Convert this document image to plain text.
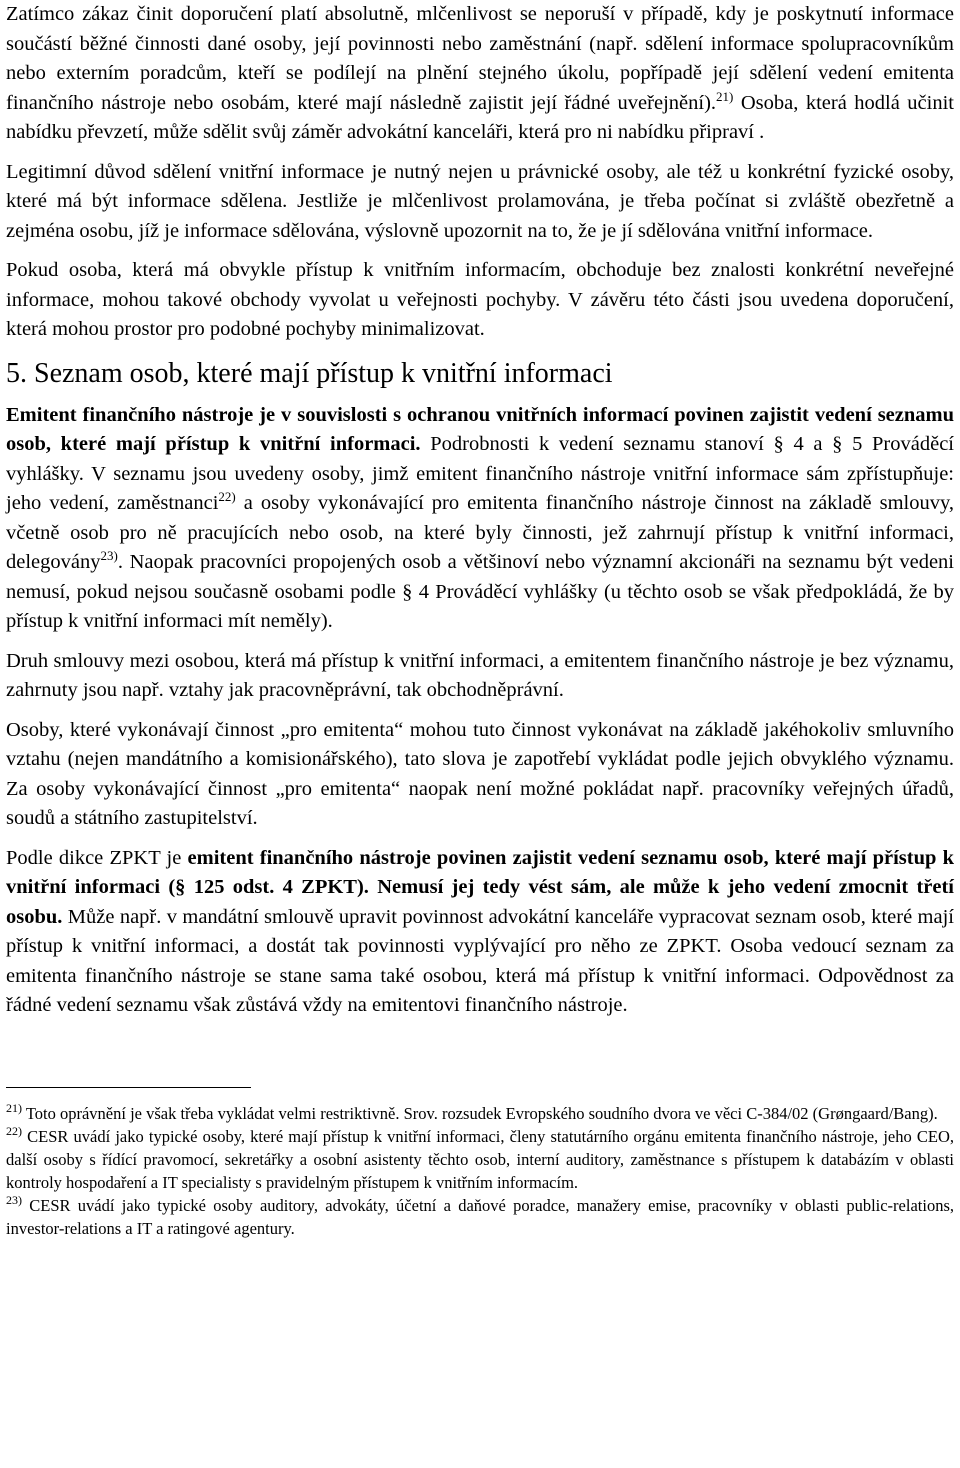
Zatímco zákaz činit doporučení platí absolutně, mlčenlivost se neporuší v případě, kdy je poskytnutí informace součástí běžné činnosti dané osoby, její povinnosti nebo zaměstnání (např. sdělení informace spolupracovníkům nebo externím poradcům, kteří se podílejí na plnění stejného úkolu, popřípadě její sdělení vedení emitenta finančního nástroje nebo osobám, které mají následně zajistit její řádné uveřejnění).$^{21)}$ Osoba, která hodlá učinit nabídku převzetí, může sdělit svůj záměr advokátní kanceláři, která pro ni nabídku připraví .

Legitimní důvod sdělení vnitřní informace je nutný nejen u právnické osoby, ale též u konkrétní fyzické osoby, které má být informace sdělena. Jestliže je mlčenlivost prolamována, je třeba počínat si zvláště obezřetně a zejména osobu, jíž je informace sdělována, výslovně upozornit na to, že je jí sdělována vnitřní informace.

Pokud osoba, která má obvykle přístup k vnitřním informacím, obchoduje bez znalosti konkrétní neveřejné informace, mohou takové obchody vyvolat u veřejnosti pochyby. V závěru této části jsou uvedena doporučení, která mohou prostor pro podobné pochyby minimalizovat.

5. Seznam osob, které mají přístup k vnitřní informaci

Emitent finančního nástroje je v souvislosti s ochranou vnitřních informací povinen zajistit vedení seznamu osob, které mají přístup k vnitřní informaci. Podrobnosti k vedení seznamu stanoví § 4 a § 5 Prováděcí vyhlášky. V seznamu jsou uvedeny osoby, jimž emitent finančního nástroje vnitřní informace sám zpřístupňuje: jeho vedení, zaměstnanci$^{22)}$ a osoby vykonávající pro emitenta finančního nástroje činnost na základě smlouvy, včetně osob pro ně pracujících nebo osob, na které byly činnosti, jež zahrnují přístup k vnitřní informaci, delegovány$^{23)}$. Naopak pracovníci propojených osob a většinoví nebo významní akcionáři na seznamu být vedeni nemusí, pokud nejsou současně osobami podle § 4 Prováděcí vyhlášky (u těchto osob se však předpokládá, že by přístup k vnitřní informaci mít neměly).

Druh smlouvy mezi osobou, která má přístup k vnitřní informaci, a emitentem finančního nástroje je bez významu, zahrnuty jsou např. vztahy jak pracovněprávní, tak obchodněprávní.

Osoby, které vykonávají činnost „pro emitenta“ mohou tuto činnost vykonávat na základě jakéhokoliv smluvního vztahu (nejen mandátního a komisionářského), tato slova je zapotřebí vykládat podle jejich obvyklého významu. Za osoby vykonávající činnost „pro emitenta“ naopak není možné pokládat např. pracovníky veřejných úřadů, soudů a státního zastupitelství.

Podle dikce ZPKT je emitent finančního nástroje povinen zajistit vedení seznamu osob, které mají přístup k vnitřní informaci (§ 125 odst. 4 ZPKT). Nemusí jej tedy vést sám, ale může k jeho vedení zmocnit třetí osobu. Může např. v mandátní smlouvě upravit povinnost advokátní kanceláře vypracovat seznam osob, které mají přístup k vnitřní informaci, a dostát tak povinnosti vyplývající pro něho ze ZPKT. Osoba vedoucí seznam za emitenta finančního nástroje se stane sama také osobou, která má přístup k vnitřní informaci. Odpovědnost za řádné vedení seznamu však zůstává vždy na emitentovi finančního nástroje.

$^{21)}$ Toto oprávnění je však třeba vykládat velmi restriktivně. Srov. rozsudek Evropského soudního dvora ve věci C-384/02 (Grøngaard/Bang).

$^{22)}$ CESR uvádí jako typické osoby, které mají přístup k vnitřní informaci, členy statutárního orgánu emitenta finančního nástroje, jeho CEO, další osoby s řídící pravomocí, sekretářky a osobní asistenty těchto osob, interní auditory, zaměstnance s přístupem k databázím v oblasti kontroly hospodaření a IT specialisty s pravidelným přístupem k vnitřním informacím.

$^{23)}$ CESR uvádí jako typické osoby auditory, advokáty, účetní a daňové poradce, manažery emise, pracovníky v oblasti public-relations, investor-relations a IT a ratingové agentury.
